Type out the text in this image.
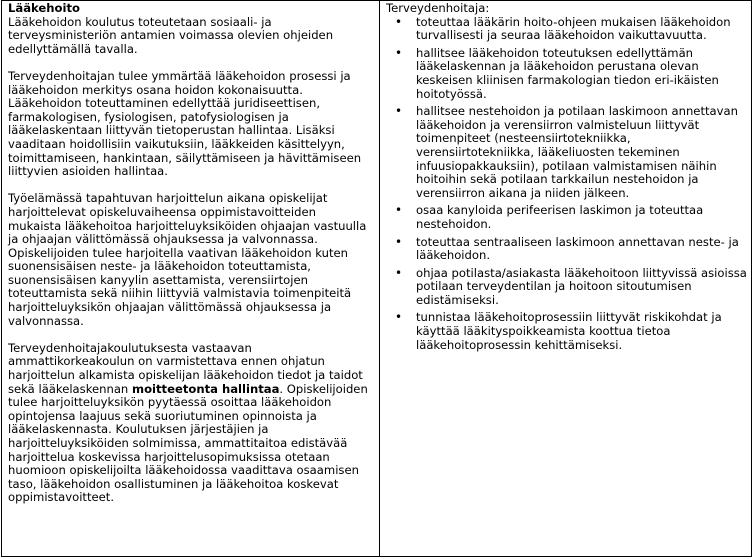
Lääkehoito

Lääkehoidon koulutus toteutetaan sosiaali- ja terveysministeriön antamien voimassa olevien ohjeiden edellyttämällä tavalla.

Terveydenhoitajan tulee ymmärtää lääkehoidon prosessi ja lääkehoidon merkitys osana hoidon kokonaisuutta. Lääkehoidon toteuttaminen edellyttää juridiseettisen, farmakologisen, fysiologisen, patofysiologisen ja lääkelaskentaan liittyvän tietoperustan hallintaa. Lisäksi vaaditaan hoidollisiin vaikutuksiin, lääkkeiden käsittelyyn, toimittamiseen, hankintaan, säilyttämiseen ja hävittämiseen liittyvien asioiden hallintaa.

Työelämässä tapahtuvan harjoittelun aikana opiskelijat harjoittelevat opiskeluvaiheensa oppimistavoitteiden mukaista lääkehoitoa harjoitteluyksiköiden ohjaajan vastuulla ja ohjaajan välittömässä ohjauksessa ja valvonnassa. Opiskelijoiden tulee harjoitella vaativan lääkehoidon kuten suonensisäisen neste- ja lääkehoidon toteuttamista, suonensisäisen kanyylin asettamista, verensiirtojen toteuttamista sekä niihin liittyviä valmistavia toimenpiteitä harjoitteluyksikön ohjaajan välittömässä ohjauksessa ja valvonnassa.

Terveydenhoitajakoulutuksesta vastaavan ammattikorkeakoulun on varmistettava ennen ohjatun harjoittelun alkamista opiskelijan lääkehoidon tiedot ja taidot sekä lääkelaskennan moitteetonta hallintaa. Opiskelijoiden tulee harjoitteluyksikön pyytäessä osoittaa lääkehoidon opintojensa laajuus sekä suoriutuminen opinnoista ja lääkelaskennasta. Koulutuksen järjestäjien ja harjoitteluyksiköiden solmimissa, ammattitaitoa edistävää harjoittelua koskevissa harjoittelusopimuksissa otetaan huomioon opiskelijoilta lääkehoidossa vaadittava osaamisen taso, lääkehoidon osallistuminen ja lääkehoitoa koskevat oppimistavoitteet.

Terveydenhoitaja:
• toteuttaa lääkärin hoito-ohjeen mukaisen lääkehoidon turvallisesti ja seuraa lääkehoidon vaikuttavuutta.
• hallitsee lääkehoidon toteutuksen edellyttämän lääkelaskennan ja lääkehoidon perustana olevan keskeisen kliinisen farmakologian tiedon eri-ikäisten hoitotyössä.
• hallitsee nestehoidon ja potilaan laskimoon annettavan lääkehoidon ja verensiirron valmisteluun liittyvät toimenpiteet (nesteensiirtotekniikka, verensiirtotekniikka, lääkeliuosten tekeminen infuusiopakkauksiin), potilaan valmistamisen näihin hoitoihin sekä potilaan tarkkailun nestehoidon ja verensiirron aikana ja niiden jälkeen.
• osaa kanyloida perifeerisen laskimon ja toteuttaa nestehoidon.
• toteuttaa sentraaliseen laskimoon annettavan neste- ja lääkehoidon.
• ohjaa potilasta/asiakasta lääkehoitoon liittyvissä asioissa potilaan terveydentilan ja hoitoon sitoutumisen edistämiseksi.
• tunnistaa lääkehoitoprosessiin liittyvät riskikohdat ja käyttää lääkityspoikkeamista koottua tietoa lääkehoitoprosessin kehittämiseksi.
